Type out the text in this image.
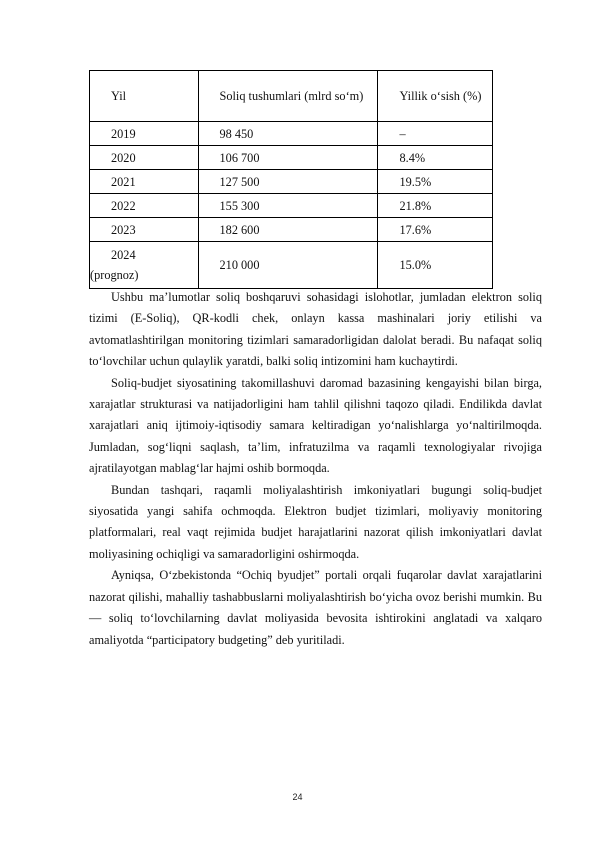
Yil	Soliq tushumlari (mlrd so‘m)	Yillik o‘sish (%)

2019	98 450	–

2020	106 700	8.4%

2021	127 500	19.5%

2022	155 300	21.8%

2023	182 600	17.6%

2024
(prognoz)	210 000	15.0%

Ushbu ma’lumotlar soliq boshqaruvi sohasidagi islohotlar, jumladan elektron soliq tizimi (E-Soliq), QR-kodli chek, onlayn kassa mashinalari joriy etilishi va avtomatlashtirilgan monitoring tizimlari samaradorligidan dalolat beradi. Bu nafaqat soliq to‘lovchilar uchun qulaylik yaratdi, balki soliq intizomini ham kuchaytirdi.

Soliq-budjet siyosatining takomillashuvi daromad bazasining kengayishi bilan birga, xarajatlar strukturasi va natijadorligini ham tahlil qilishni taqozo qiladi. Endilikda davlat xarajatlari aniq ijtimoiy-iqtisodiy samara keltiradigan yo‘nalishlarga yo‘naltirilmoqda. Jumladan, sog‘liqni saqlash, ta’lim, infratuzilma va raqamli texnologiyalar rivojiga ajratilayotgan mablag‘lar hajmi oshib bormoqda.

Bundan tashqari, raqamli moliyalashtirish imkoniyatlari bugungi soliq-budjet siyosatida yangi sahifa ochmoqda. Elektron budjet tizimlari, moliyaviy monitoring platformalari, real vaqt rejimida budjet harajatlarini nazorat qilish imkoniyatlari davlat moliyasining ochiqligi va samaradorligini oshirmoqda.

Ayniqsa, O‘zbekistonda “Ochiq byudjet” portali orqali fuqarolar davlat xarajatlarini nazorat qilishi, mahalliy tashabbuslarni moliyalashtirish bo‘yicha ovoz berishi mumkin. Bu — soliq to‘lovchilarning davlat moliyasida bevosita ishtirokini anglatadi va xalqaro amaliyotda “participatory budgeting” deb yuritiladi.

24
